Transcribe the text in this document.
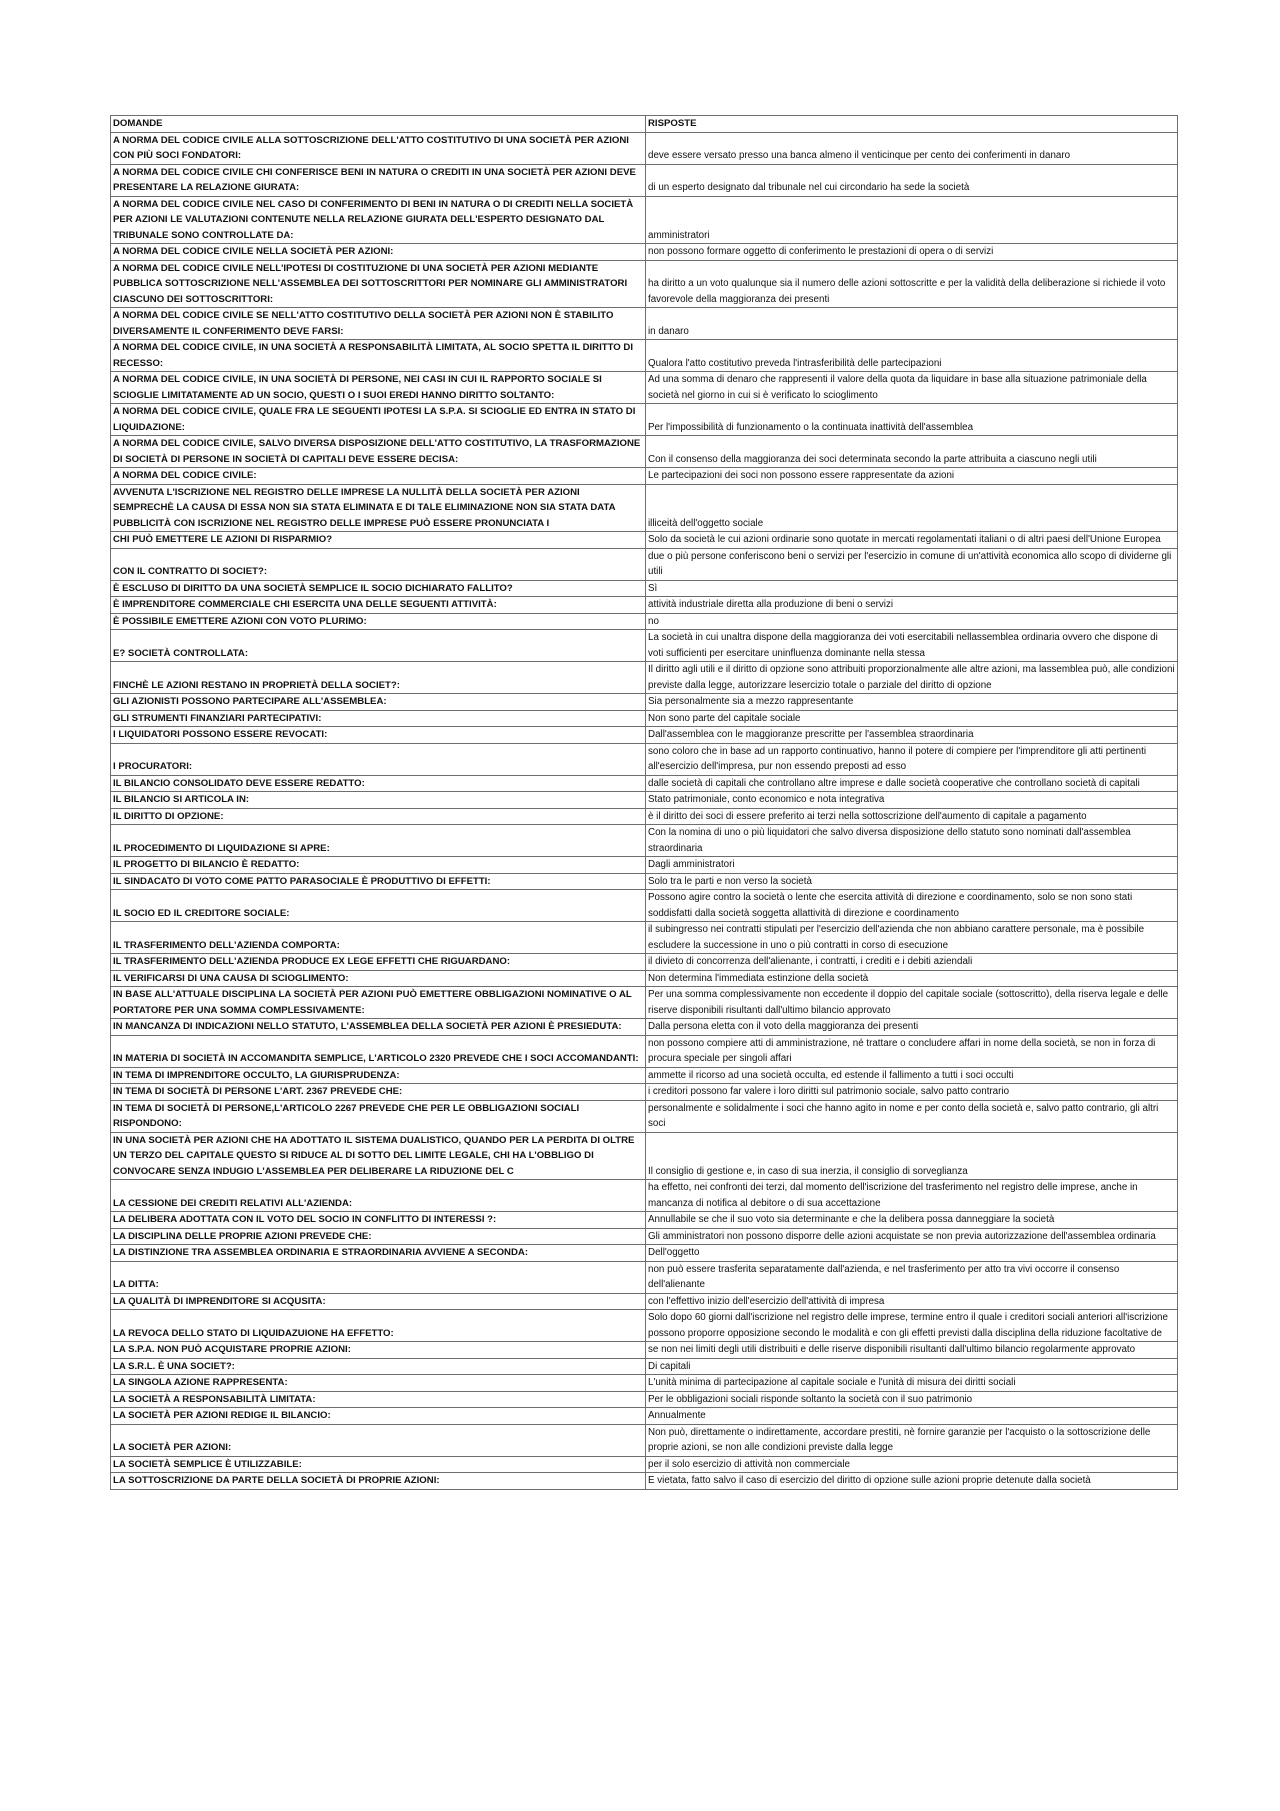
DOMANDE	RISPOSTE
A NORMA DEL CODICE CIVILE ALLA SOTTOSCRIZIONE DELL'ATTO COSTITUTIVO DI UNA SOCIETÀ PER AZIONI CON PIÙ SOCI FONDATORI:	deve essere versato presso una banca almeno il venticinque per cento dei conferimenti in danaro
A NORMA DEL CODICE CIVILE CHI CONFERISCE BENI IN NATURA O CREDITI IN UNA SOCIETÀ PER AZIONI DEVE PRESENTARE LA RELAZIONE GIURATA:	di un esperto designato dal tribunale nel cui circondario ha sede la società
A NORMA DEL CODICE CIVILE NEL CASO DI CONFERIMENTO DI BENI IN NATURA O DI CREDITI NELLA SOCIETÀ PER AZIONI LE VALUTAZIONI CONTENUTE NELLA RELAZIONE GIURATA DELL'ESPERTO DESIGNATO DAL TRIBUNALE SONO CONTROLLATE DA:	amministratori
A NORMA DEL CODICE CIVILE NELLA SOCIETÀ PER AZIONI:	non possono formare oggetto di conferimento le prestazioni di opera o di servizi
A NORMA DEL CODICE CIVILE NELL'IPOTESI DI COSTITUZIONE DI UNA SOCIETÀ PER AZIONI MEDIANTE PUBBLICA SOTTOSCRIZIONE NELL'ASSEMBLEA DEI SOTTOSCRITTORI PER NOMINARE GLI AMMINISTRATORI CIASCUNO DEI SOTTOSCRITTORI:	ha diritto a un voto qualunque sia il numero delle azioni sottoscritte e per la validità della deliberazione si richiede il voto favorevole della maggioranza dei presenti
A NORMA DEL CODICE CIVILE SE NELL'ATTO COSTITUTIVO DELLA SOCIETÀ PER AZIONI NON È STABILITO DIVERSAMENTE IL CONFERIMENTO DEVE FARSI:	in danaro
A NORMA DEL CODICE CIVILE, IN UNA SOCIETÀ A RESPONSABILITÀ LIMITATA, AL SOCIO SPETTA IL DIRITTO DI RECESSO:	Qualora l'atto costitutivo preveda l'intrasferibilità delle partecipazioni
A NORMA DEL CODICE CIVILE, IN UNA SOCIETÀ DI PERSONE, NEI CASI IN CUI IL RAPPORTO SOCIALE SI SCIOGLIE LIMITATAMENTE AD UN SOCIO, QUESTI O I SUOI EREDI HANNO DIRITTO SOLTANTO:	Ad una somma di denaro che rappresenti il valore della quota da liquidare in base alla situazione patrimoniale della società nel giorno in cui si è verificato lo scioglimento
A NORMA DEL CODICE CIVILE, QUALE FRA LE SEGUENTI IPOTESI LA S.P.A. SI SCIOGLIE ED ENTRA IN STATO DI LIQUIDAZIONE:	Per l'impossibilità di funzionamento o la continuata inattività dell'assemblea
A NORMA DEL CODICE CIVILE, SALVO DIVERSA DISPOSIZIONE DELL'ATTO COSTITUTIVO, LA TRASFORMAZIONE DI SOCIETÀ DI PERSONE IN SOCIETÀ DI CAPITALI DEVE ESSERE DECISA:	Con il consenso della maggioranza dei soci determinata secondo la parte attribuita a ciascuno negli utili
A NORMA DEL CODICE CIVILE:	Le partecipazioni dei soci non possono essere rappresentate da azioni
AVVENUTA L'ISCRIZIONE NEL REGISTRO DELLE IMPRESE LA NULLITÀ DELLA SOCIETÀ PER AZIONI SEMPRECHÈ LA CAUSA DI ESSA NON SIA STATA ELIMINATA E DI TALE ELIMINAZIONE NON SIA STATA DATA PUBBLICITÀ CON ISCRIZIONE NEL REGISTRO DELLE IMPRESE PUÒ ESSERE PRONUNCIATA I	illiceità dell'oggetto sociale
CHI PUÒ EMETTERE LE AZIONI DI RISPARMIO?	Solo da società le cui azioni ordinarie sono quotate in mercati regolamentati italiani o di altri paesi dell'Unione Europea
CON IL CONTRATTO DI SOCIET?:	due o più persone conferiscono beni o servizi per l'esercizio in comune di un'attività economica allo scopo di dividerne gli utili
È ESCLUSO DI DIRITTO DA UNA SOCIETÀ SEMPLICE IL SOCIO DICHIARATO FALLITO?	Sì
È IMPRENDITORE COMMERCIALE CHI ESERCITA UNA DELLE SEGUENTI ATTIVITÀ:	attività industriale diretta alla produzione di beni o servizi
È POSSIBILE EMETTERE AZIONI CON VOTO PLURIMO:	no
E? SOCIETÀ CONTROLLATA:	La società in cui unaltra dispone della maggioranza dei voti esercitabili nellassemblea ordinaria ovvero che dispone di voti sufficienti per esercitare uninfluenza dominante nella stessa
FINCHÈ LE AZIONI RESTANO IN PROPRIETÀ DELLA SOCIET?:	Il diritto agli utili e il diritto di opzione sono attribuiti proporzionalmente alle altre azioni, ma lassemblea può, alle condizioni previste dalla legge, autorizzare lesercizio totale o parziale del diritto di opzione
GLI AZIONISTI POSSONO PARTECIPARE ALL'ASSEMBLEA:	Sia personalmente sia a mezzo rappresentante
GLI STRUMENTI FINANZIARI PARTECIPATIVI:	Non sono parte del capitale sociale
I LIQUIDATORI POSSONO ESSERE REVOCATI:	Dall'assemblea con le maggioranze prescritte per l'assemblea straordinaria
I PROCURATORI:	sono coloro che in base ad un rapporto continuativo, hanno il potere di compiere per l'imprenditore gli atti pertinenti all'esercizio dell'impresa, pur non essendo preposti ad esso
IL BILANCIO CONSOLIDATO DEVE ESSERE REDATTO:	dalle società di capitali che controllano altre imprese e dalle società cooperative che controllano società di capitali
IL BILANCIO SI ARTICOLA IN:	Stato patrimoniale, conto economico e nota integrativa
IL DIRITTO DI OPZIONE:	è il diritto dei soci di essere preferito ai terzi nella sottoscrizione dell'aumento di capitale a pagamento
IL PROCEDIMENTO DI LIQUIDAZIONE SI APRE:	Con la nomina di uno o più liquidatori che salvo diversa disposizione dello statuto sono nominati dall'assemblea straordinaria
IL PROGETTO DI BILANCIO È REDATTO:	Dagli amministratori
IL SINDACATO DI VOTO COME PATTO PARASOCIALE È PRODUTTIVO DI EFFETTI:	Solo tra le parti e non verso la società
IL SOCIO ED IL CREDITORE SOCIALE:	Possono agire contro la società o lente che esercita attività di direzione e coordinamento, solo se non sono stati soddisfatti dalla società soggetta allattività di direzione e coordinamento
IL TRASFERIMENTO DELL'AZIENDA COMPORTA:	il subingresso nei contratti stipulati per l'esercizio dell'azienda che non abbiano carattere personale, ma è possibile escludere la successione in uno o più contratti in corso di esecuzione
IL TRASFERIMENTO DELL'AZIENDA PRODUCE EX LEGE EFFETTI CHE RIGUARDANO:	il divieto di concorrenza dell'alienante, i contratti, i crediti e i debiti aziendali
IL VERIFICARSI DI UNA CAUSA DI SCIOGLIMENTO:	Non determina l'immediata estinzione della società
IN BASE ALL'ATTUALE DISCIPLINA LA SOCIETÀ PER AZIONI PUÒ EMETTERE OBBLIGAZIONI NOMINATIVE O AL PORTATORE PER UNA SOMMA COMPLESSIVAMENTE:	Per una somma complessivamente non eccedente il doppio del capitale sociale (sottoscritto), della riserva legale e delle riserve disponibili risultanti dall'ultimo bilancio approvato
IN MANCANZA DI INDICAZIONI NELLO STATUTO, L'ASSEMBLEA DELLA SOCIETÀ PER AZIONI È PRESIEDUTA:	Dalla persona eletta con il voto della maggioranza dei presenti
IN MATERIA DI SOCIETÀ IN ACCOMANDITA SEMPLICE, L'ARTICOLO 2320 PREVEDE CHE I SOCI ACCOMANDANTI:	non possono compiere atti di amministrazione, né trattare o concludere affari in nome della società, se non in forza di procura speciale per singoli affari
IN TEMA DI IMPRENDITORE OCCULTO, LA GIURISPRUDENZA:	ammette il ricorso ad una società occulta, ed estende il fallimento a tutti i soci occulti
IN TEMA DI SOCIETÀ DI PERSONE L'ART. 2367 PREVEDE CHE:	i creditori possono far valere i loro diritti sul patrimonio sociale, salvo patto contrario
IN TEMA DI SOCIETÀ DI PERSONE,L'ARTICOLO 2267 PREVEDE CHE PER LE OBBLIGAZIONI SOCIALI RISPONDONO:	personalmente e solidalmente i soci che hanno agito in nome e per conto della società e, salvo patto contrario, gli altri soci
IN UNA SOCIETÀ PER AZIONI CHE HA ADOTTATO IL SISTEMA DUALISTICO, QUANDO PER LA PERDITA DI OLTRE UN TERZO DEL CAPITALE QUESTO SI RIDUCE AL DI SOTTO DEL LIMITE LEGALE, CHI HA L'OBBLIGO DI CONVOCARE SENZA INDUGIO L'ASSEMBLEA PER DELIBERARE LA RIDUZIONE DEL C	Il consiglio di gestione e, in caso di sua inerzia, il consiglio di sorveglianza
LA CESSIONE DEI CREDITI RELATIVI ALL'AZIENDA:	ha effetto, nei confronti dei terzi, dal momento dell'iscrizione del trasferimento nel registro delle imprese, anche in mancanza di notifica al debitore o di sua accettazione
LA DELIBERA ADOTTATA CON IL VOTO DEL SOCIO IN CONFLITTO DI INTERESSI ?:	Annullabile se che il suo voto sia determinante e che la delibera possa danneggiare la società
LA DISCIPLINA DELLE PROPRIE AZIONI PREVEDE CHE:	Gli amministratori non possono disporre delle azioni acquistate se non previa autorizzazione dell'assemblea ordinaria
LA DISTINZIONE TRA ASSEMBLEA ORDINARIA E STRAORDINARIA AVVIENE A SECONDA:	Dell'oggetto
LA DITTA:	non può essere trasferita separatamente dall'azienda, e nel trasferimento per atto tra vivi occorre il consenso dell'alienante
LA QUALITÀ DI IMPRENDITORE SI ACQUSITA:	con l'effettivo inizio dell'esercizio dell'attività di impresa
LA REVOCA DELLO STATO DI LIQUIDAZUIONE HA EFFETTO:	Solo dopo 60 giorni dall'iscrizione nel registro delle imprese, termine entro il quale i creditori sociali anteriori all'iscrizione possono proporre opposizione secondo le modalità e con gli effetti previsti dalla disciplina della riduzione facoltative de
LA S.P.A. NON PUÒ ACQUISTARE PROPRIE AZIONI:	se non nei limiti degli utili distribuiti e delle riserve disponibili risultanti dall'ultimo bilancio regolarmente approvato
LA S.R.L. È UNA SOCIET?:	Di capitali
LA SINGOLA AZIONE RAPPRESENTA:	L'unità minima di partecipazione al capitale sociale e l'unità di misura dei diritti sociali
LA SOCIETÀ A RESPONSABILITÀ LIMITATA:	Per le obbligazioni sociali risponde soltanto la società con il suo patrimonio
LA SOCIETÀ PER AZIONI REDIGE IL BILANCIO:	Annualmente
LA SOCIETÀ PER AZIONI:	Non può, direttamente o indirettamente, accordare prestiti, nè fornire garanzie per l'acquisto o la sottoscrizione delle proprie azioni, se non alle condizioni previste dalla legge
LA SOCIETÀ SEMPLICE È UTILIZZABILE:	per il solo esercizio di attività non commerciale
LA SOTTOSCRIZIONE DA PARTE DELLA SOCIETÀ DI PROPRIE AZIONI:	E vietata, fatto salvo il caso di esercizio del diritto di opzione sulle azioni proprie detenute dalla società
